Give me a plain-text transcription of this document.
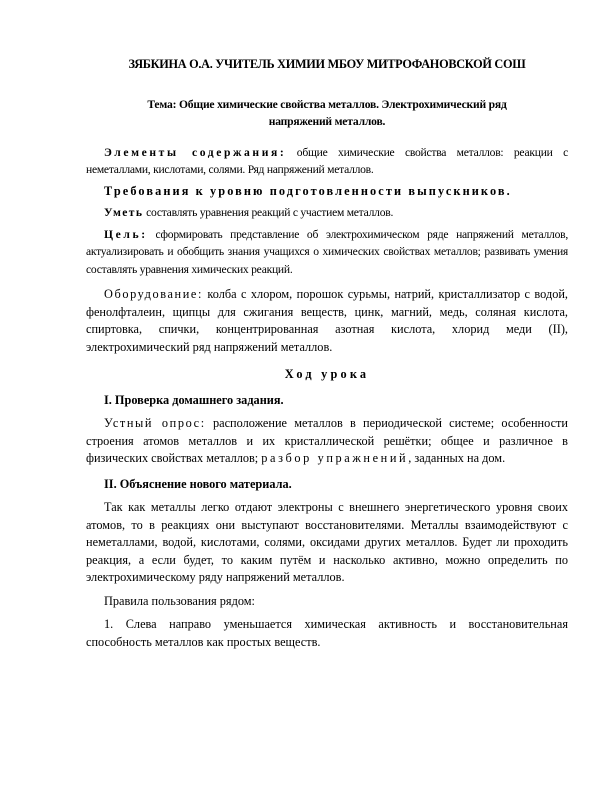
ЗЯБКИНА О.А. УЧИТЕЛЬ ХИМИИ МБОУ МИТРОФАНОВСКОЙ СОШ
Тема: Общие химические свойства металлов. Электрохимический ряд
напряжений металлов.

Элементы содержания: общие химические свойства металлов: реакции с неметаллами, кислотами, солями. Ряд напряжений металлов.

Требования к уровню подготовленности выпускников.

Уметь составлять уравнения реакций с участием металлов.

Цель: сформировать представление об электрохимическом ряде напряжений металлов, актуализировать и обобщить знания учащихся о химических свойствах металлов; развивать умения составлять уравнения химических реакций.

Оборудование: колба с хлором, порошок сурьмы, натрий, кристаллизатор с водой, фенолфталеин, щипцы для сжигания веществ, цинк, магний, медь, соляная кислота, спиртовка, спички, концентрированная азотная кислота, хлорид меди (II), электрохимический ряд напряжений металлов.

Ход урока
I. Проверка домашнего задания.

Устный опрос: расположение металлов в периодической системе; особенности строения атомов металлов и их кристаллической решётки; общее и различное в физических свойствах металлов; разбор упражнений, заданных на дом.

II. Объяснение нового материала.

Так как металлы легко отдают электроны с внешнего энергетического уровня своих атомов, то в реакциях они выступают восстановителями. Металлы взаимодействуют с неметаллами, водой, кислотами, солями, оксидами других металлов. Будет ли проходить реакция, а если будет, то каким путём и насколько активно, можно определить по электрохимическому ряду напряжений металлов.

Правила пользования рядом:

1. Слева направо уменьшается химическая активность и восстановительная способность металлов как простых веществ.
